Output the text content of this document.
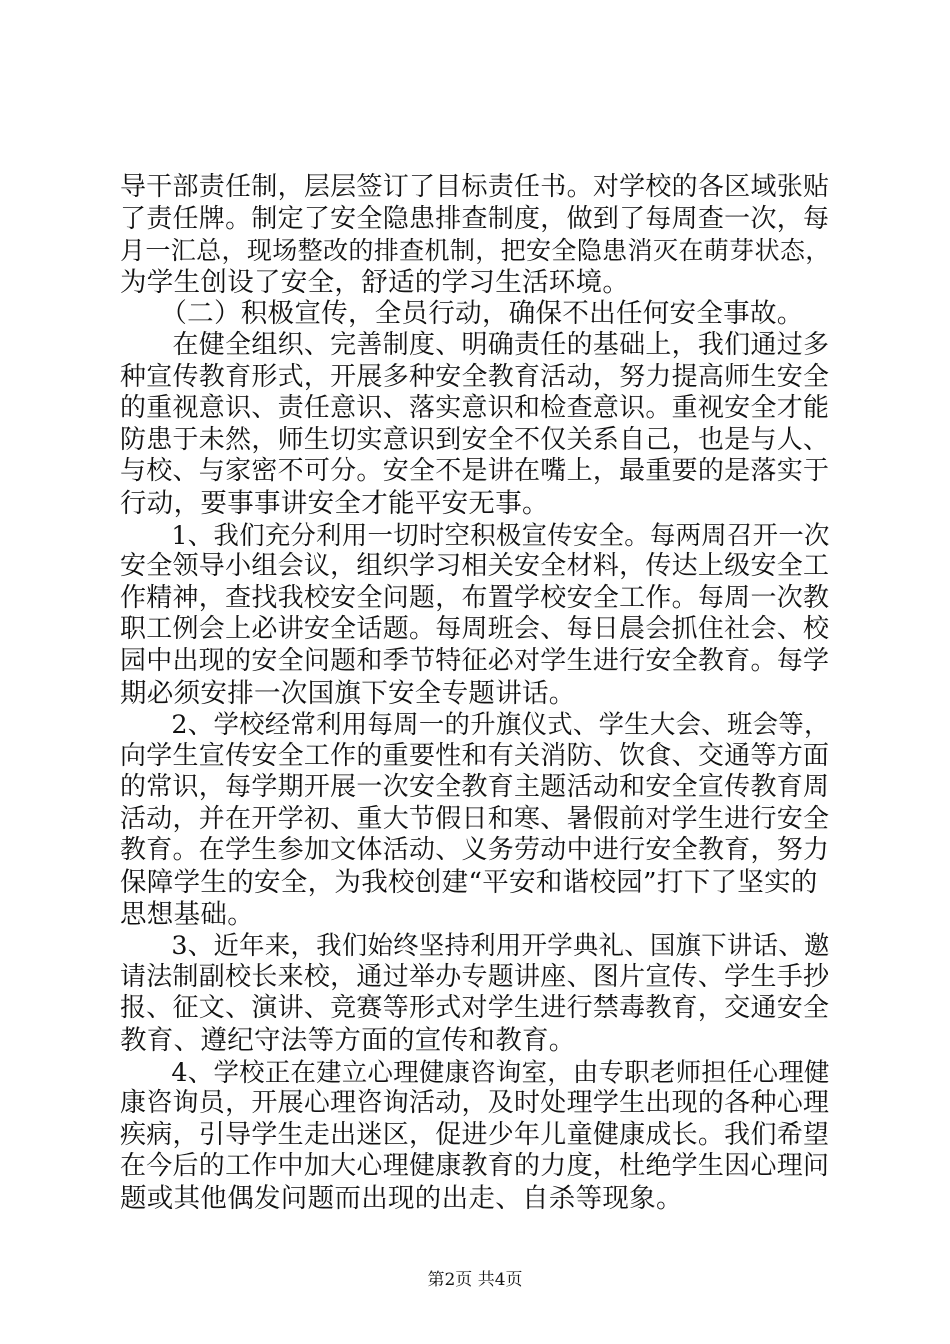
导干部责任制，层层签订了目标责任书。对学校的各区域张贴
了责任牌。制定了安全隐患排查制度，做到了每周查一次，每
月一汇总，现场整改的排查机制，把安全隐患消灭在萌芽状态，
为学生创设了安全，舒适的学习生活环境。
　　（二）积极宣传，全员行动，确保不出任何安全事故。
　　在健全组织、完善制度、明确责任的基础上，我们通过多
种宣传教育形式，开展多种安全教育活动，努力提高师生安全
的重视意识、责任意识、落实意识和检查意识。重视安全才能
防患于未然，师生切实意识到安全不仅关系自己，也是与人、
与校、与家密不可分。安全不是讲在嘴上，最重要的是落实于
行动，要事事讲安全才能平安无事。
　　1、我们充分利用一切时空积极宣传安全。每两周召开一次
安全领导小组会议，组织学习相关安全材料，传达上级安全工
作精神，查找我校安全问题，布置学校安全工作。每周一次教
职工例会上必讲安全话题。每周班会、每日晨会抓住社会、校
园中出现的安全问题和季节特征必对学生进行安全教育。每学
期必须安排一次国旗下安全专题讲话。
　　2、学校经常利用每周一的升旗仪式、学生大会、班会等，
向学生宣传安全工作的重要性和有关消防、饮食、交通等方面
的常识，每学期开展一次安全教育主题活动和安全宣传教育周
活动，并在开学初、重大节假日和寒、暑假前对学生进行安全
教育。在学生参加文体活动、义务劳动中进行安全教育，努力
保障学生的安全，为我校创建“平安和谐校园”打下了坚实的
思想基础。
　　3、近年来，我们始终坚持利用开学典礼、国旗下讲话、邀
请法制副校长来校，通过举办专题讲座、图片宣传、学生手抄
报、征文、演讲、竞赛等形式对学生进行禁毒教育，交通安全
教育、遵纪守法等方面的宣传和教育。
　　4、学校正在建立心理健康咨询室，由专职老师担任心理健
康咨询员，开展心理咨询活动，及时处理学生出现的各种心理
疾病，引导学生走出迷区，促进少年儿童健康成长。我们希望
在今后的工作中加大心理健康教育的力度，杜绝学生因心理问
题或其他偶发问题而出现的出走、自杀等现象。
第2页 共4页
